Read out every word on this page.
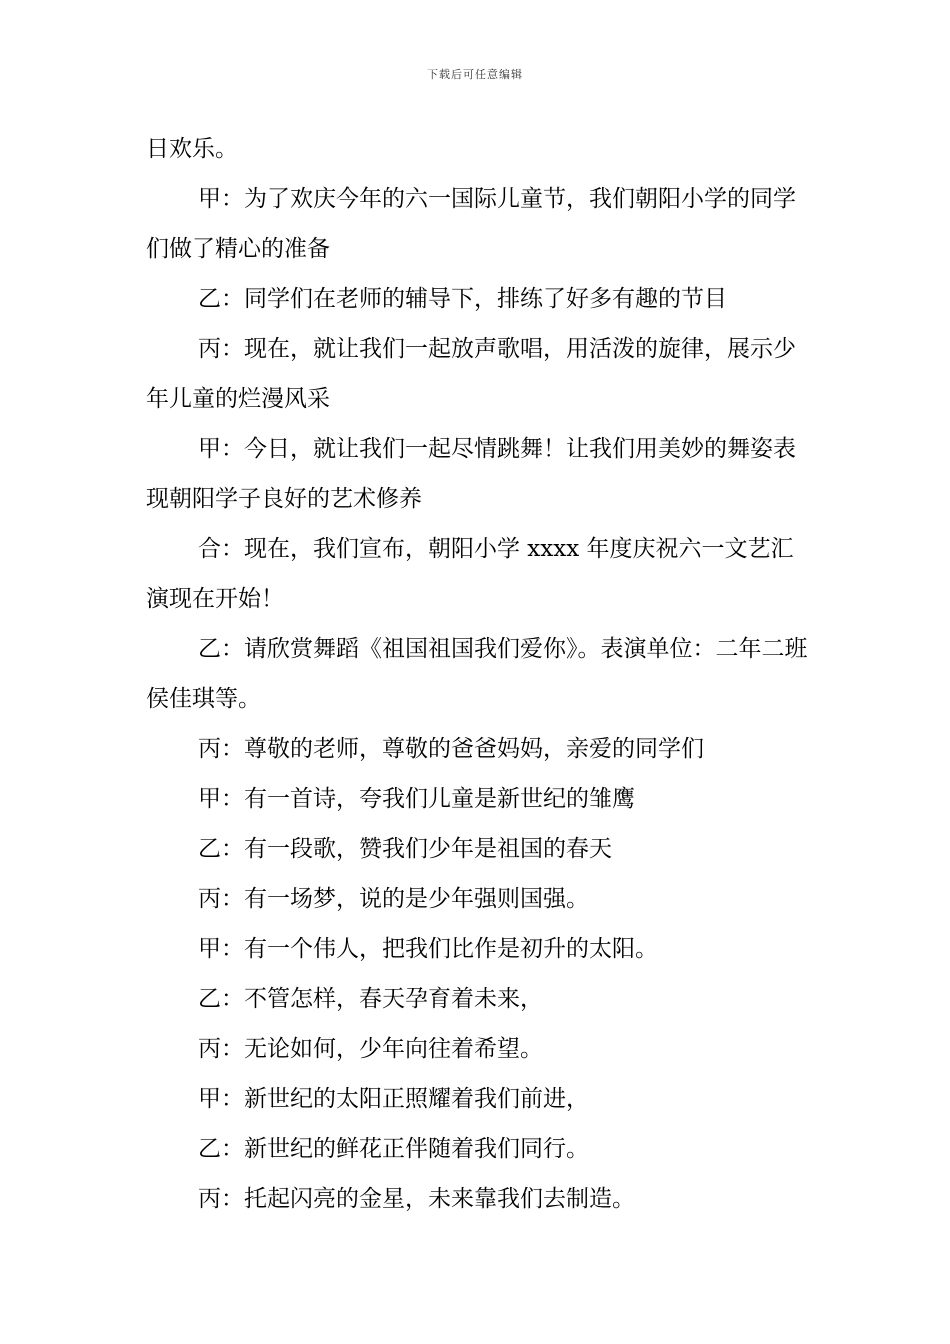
下载后可任意编辑

日欢乐。

甲：为了欢庆今年的六一国际儿童节，我们朝阳小学的同学们做了精心的准备

乙：同学们在老师的辅导下，排练了好多有趣的节目

丙：现在，就让我们一起放声歌唱，用活泼的旋律，展示少年儿童的烂漫风采

甲：今日，就让我们一起尽情跳舞！让我们用美妙的舞姿表现朝阳学子良好的艺术修养

合：现在，我们宣布，朝阳小学 xxxx 年度庆祝六一文艺汇演现在开始！

乙：请欣赏舞蹈《祖国祖国我们爱你》。表演单位：二年二班侯佳琪等。

丙：尊敬的老师，尊敬的爸爸妈妈，亲爱的同学们

甲：有一首诗，夸我们儿童是新世纪的雏鹰

乙：有一段歌，赞我们少年是祖国的春天

丙：有一场梦，说的是少年强则国强。

甲：有一个伟人，把我们比作是初升的太阳。

乙：不管怎样，春天孕育着未来，

丙：无论如何，少年向往着希望。

甲：新世纪的太阳正照耀着我们前进，

乙：新世纪的鲜花正伴随着我们同行。

丙：托起闪亮的金星，未来靠我们去制造。
